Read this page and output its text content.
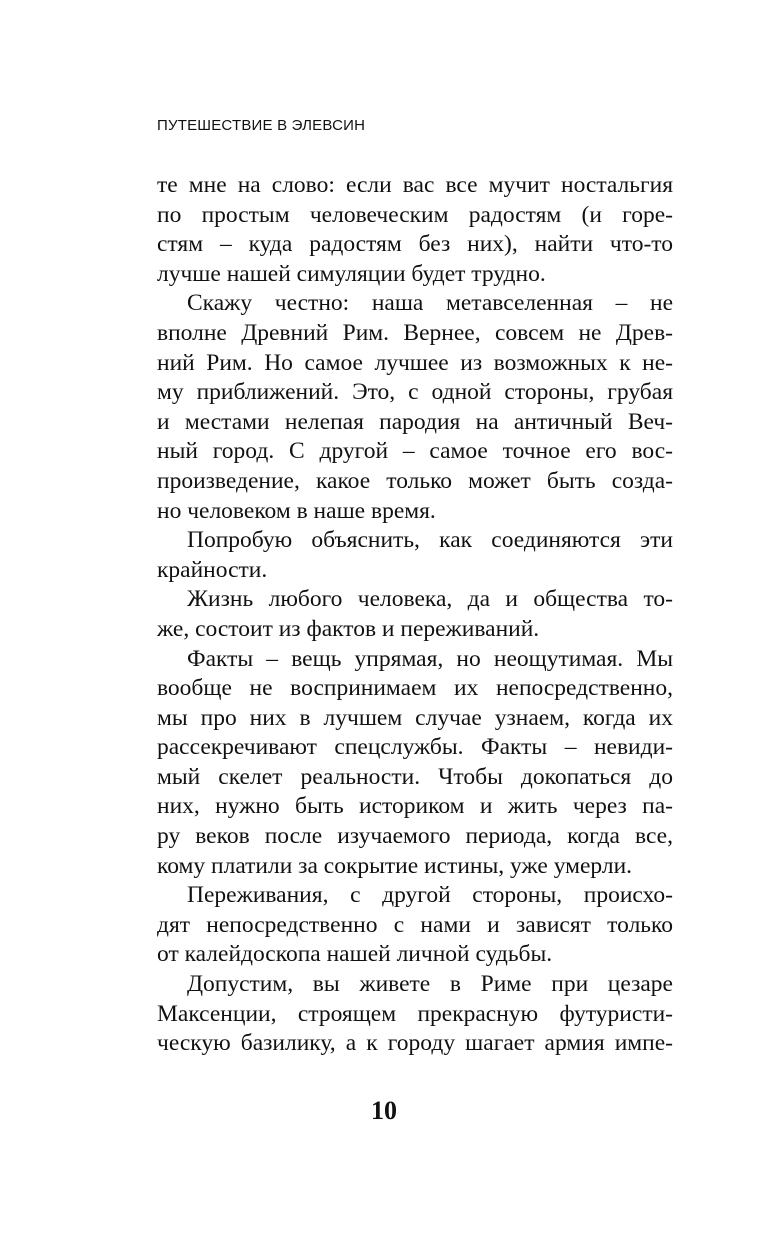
ПУТЕШЕСТВИЕ В ЭЛЕВСИН
те мне на слово: если вас все мучит ностальгия
по простым человеческим радостям (и горе-
стям – куда радостям без них), найти что-то
лучше нашей симуляции будет трудно.
Скажу честно: наша метавселенная – не
вполне Древний Рим. Вернее, совсем не Древ-
ний Рим. Но самое лучшее из возможных к не-
му приближений. Это, с одной стороны, грубая
и местами нелепая пародия на античный Веч-
ный город. С другой – самое точное его вос-
произведение, какое только может быть созда-
но человеком в наше время.
Попробую объяснить, как соединяются эти
крайности.
Жизнь любого человека, да и общества то-
же, состоит из фактов и переживаний.
Факты – вещь упрямая, но неощутимая. Мы
вообще не воспринимаем их непосредственно,
мы про них в лучшем случае узнаем, когда их
рассекречивают спецслужбы. Факты – невиди-
мый скелет реальности. Чтобы докопаться до
них, нужно быть историком и жить через па-
ру веков после изучаемого периода, когда все,
кому платили за сокрытие истины, уже умерли.
Переживания, с другой стороны, происхо-
дят непосредственно с нами и зависят только
от калейдоскопа нашей личной судьбы.
Допустим, вы живете в Риме при цезаре
Максенции, строящем прекрасную футуристи-
ческую базилику, а к городу шагает армия импе-
10
